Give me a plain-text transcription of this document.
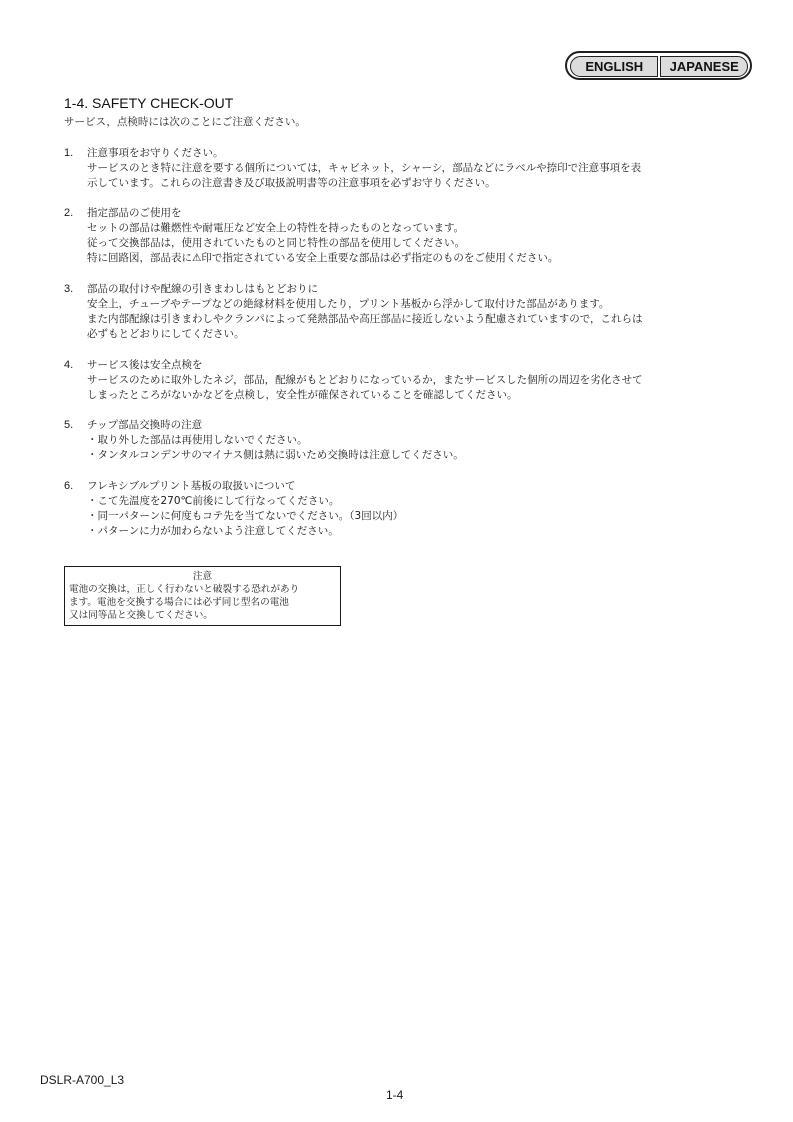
ENGLISH	JAPANESE
1-4. SAFETY CHECK-OUT
サービス，点検時には次のことにご注意ください。
1.	注意事項をお守りください。
サービスのとき特に注意を要する個所については，キャビネット，シャーシ，部品などにラベルや捺印で注意事項を表
示しています。これらの注意書き及び取扱説明書等の注意事項を必ずお守りください。
2.	指定部品のご使用を
セットの部品は難燃性や耐電圧など安全上の特性を持ったものとなっています。
従って交換部品は，使用されていたものと同じ特性の部品を使用してください。
特に回路図，部品表に⚠印で指定されている安全上重要な部品は必ず指定のものをご使用ください。
3.	部品の取付けや配線の引きまわしはもとどおりに
安全上，チューブやテープなどの絶縁材料を使用したり，プリント基板から浮かして取付けた部品があります。
また内部配線は引きまわしやクランパによって発熱部品や高圧部品に接近しないよう配慮されていますので，これらは
必ずもとどおりにしてください。
4.	サービス後は安全点検を
サービスのために取外したネジ，部品，配線がもとどおりになっているか，またサービスした個所の周辺を劣化させて
しまったところがないかなどを点検し，安全性が確保されていることを確認してください。
5.	チップ部品交換時の注意
・取り外した部品は再使用しないでください。
・タンタルコンデンサのマイナス側は熱に弱いため交換時は注意してください。
6.	フレキシブルプリント基板の取扱いについて
・こて先温度を270℃前後にして行なってください。
・同一パターンに何度もコテ先を当てないでください。（3回以内）
・パターンに力が加わらないよう注意してください。
注意
電池の交換は，正しく行わないと破裂する恐れがあり
ます。電池を交換する場合には必ず同じ型名の電池
又は同等品と交換してください。
DSLR-A700_L3
1-4
